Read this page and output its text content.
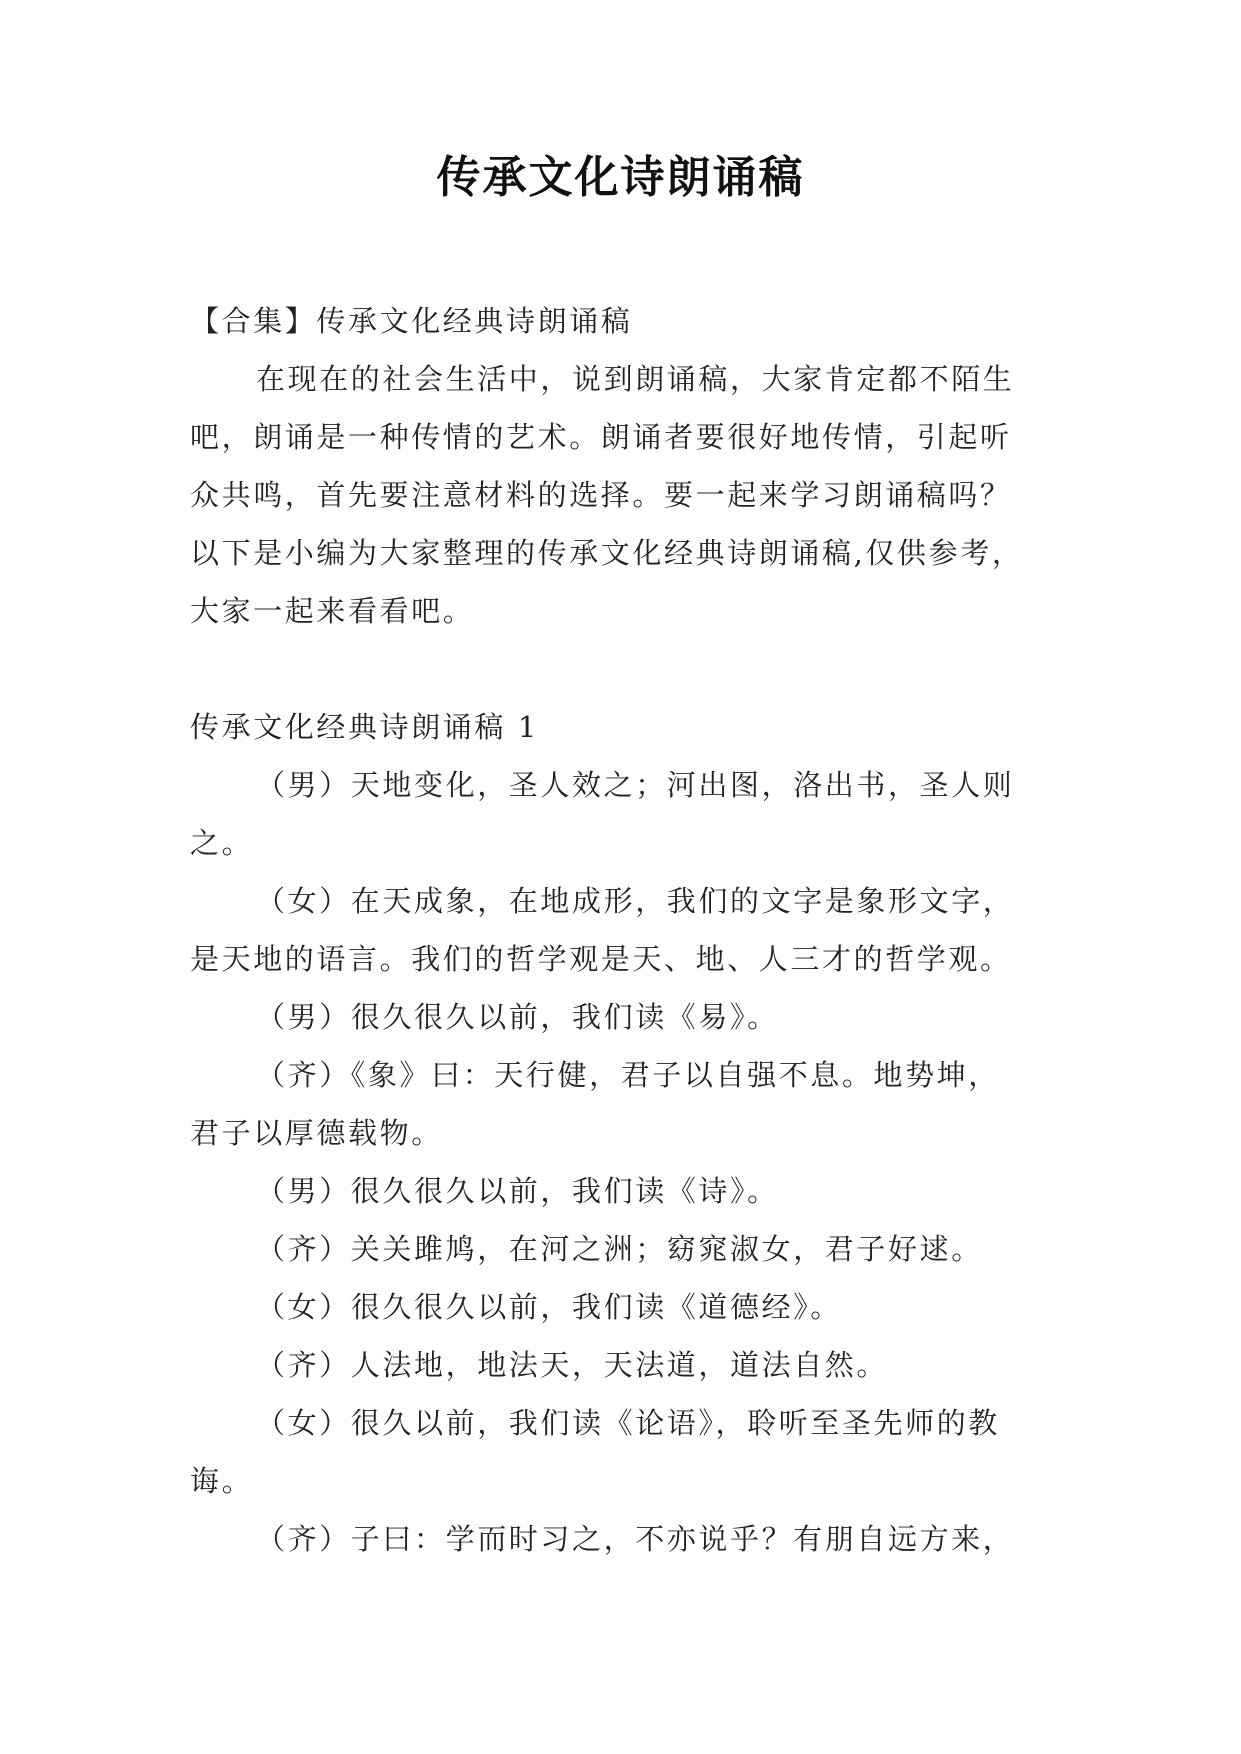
传承文化诗朗诵稿
【合集】传承文化经典诗朗诵稿
在现在的社会生活中，说到朗诵稿，大家肯定都不陌生
吧，朗诵是一种传情的艺术。朗诵者要很好地传情，引起听
众共鸣，首先要注意材料的选择。要一起来学习朗诵稿吗？
以下是小编为大家整理的传承文化经典诗朗诵稿,仅供参考，
大家一起来看看吧。
传承文化经典诗朗诵稿 1
（男）天地变化，圣人效之；河出图，洛出书，圣人则
之。
（女）在天成象，在地成形，我们的文字是象形文字，
是天地的语言。我们的哲学观是天、地、人三才的哲学观。
（男）很久很久以前，我们读《易》。
（齐）《象》曰：天行健，君子以自强不息。地势坤，
君子以厚德载物。
（男）很久很久以前，我们读《诗》。
（齐）关关雎鸠，在河之洲；窈窕淑女，君子好逑。
（女）很久很久以前，我们读《道德经》。
（齐）人法地，地法天，天法道，道法自然。
（女）很久以前，我们读《论语》，聆听至圣先师的教
诲。
（齐）子曰：学而时习之，不亦说乎？有朋自远方来，
